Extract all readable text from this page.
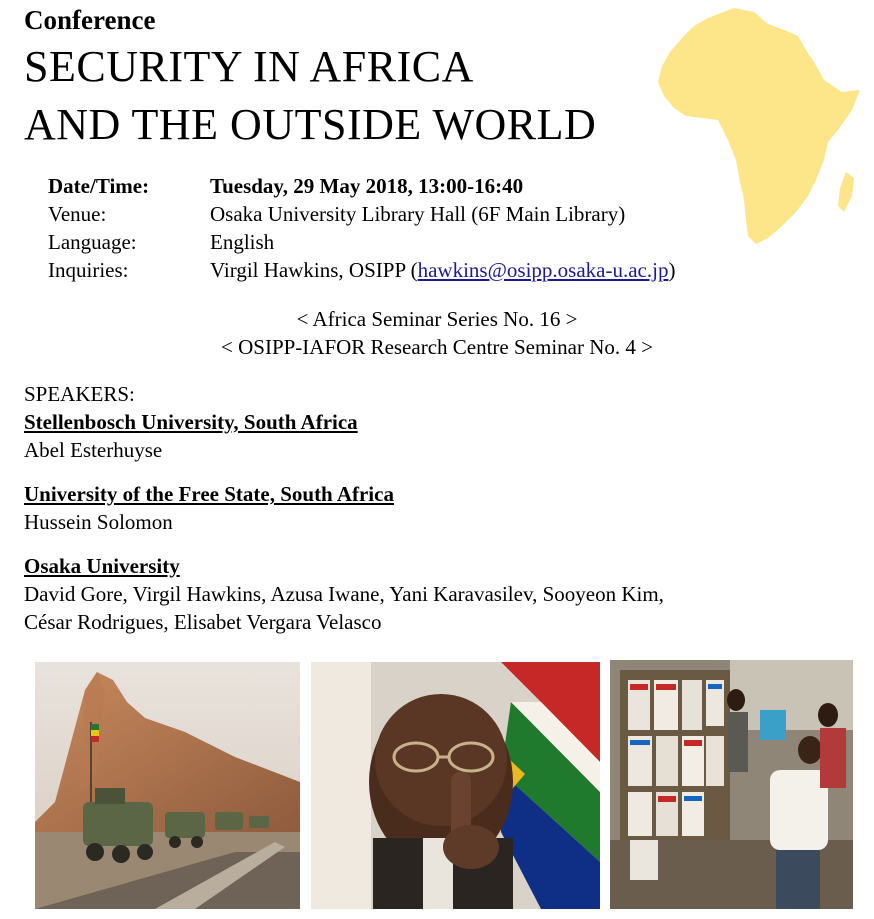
Conference
SECURITY IN AFRICA
AND THE OUTSIDE WORLD
Date/Time:	Tuesday, 29 May 2018, 13:00-16:40
Venue:	Osaka University Library Hall (6F Main Library)
Language:	English
Inquiries:	Virgil Hawkins, OSIPP (hawkins@osipp.osaka-u.ac.jp)
< Africa Seminar Series No. 16 >
< OSIPP-IAFOR Research Centre Seminar No. 4 >
SPEAKERS:
Stellenbosch University, South Africa
Abel Esterhuyse
University of the Free State, South Africa
Hussein Solomon
Osaka University
David Gore, Virgil Hawkins, Azusa Iwane, Yani Karavasilev, Sooyeon Kim,
César Rodrigues, Elisabet Vergara Velasco
